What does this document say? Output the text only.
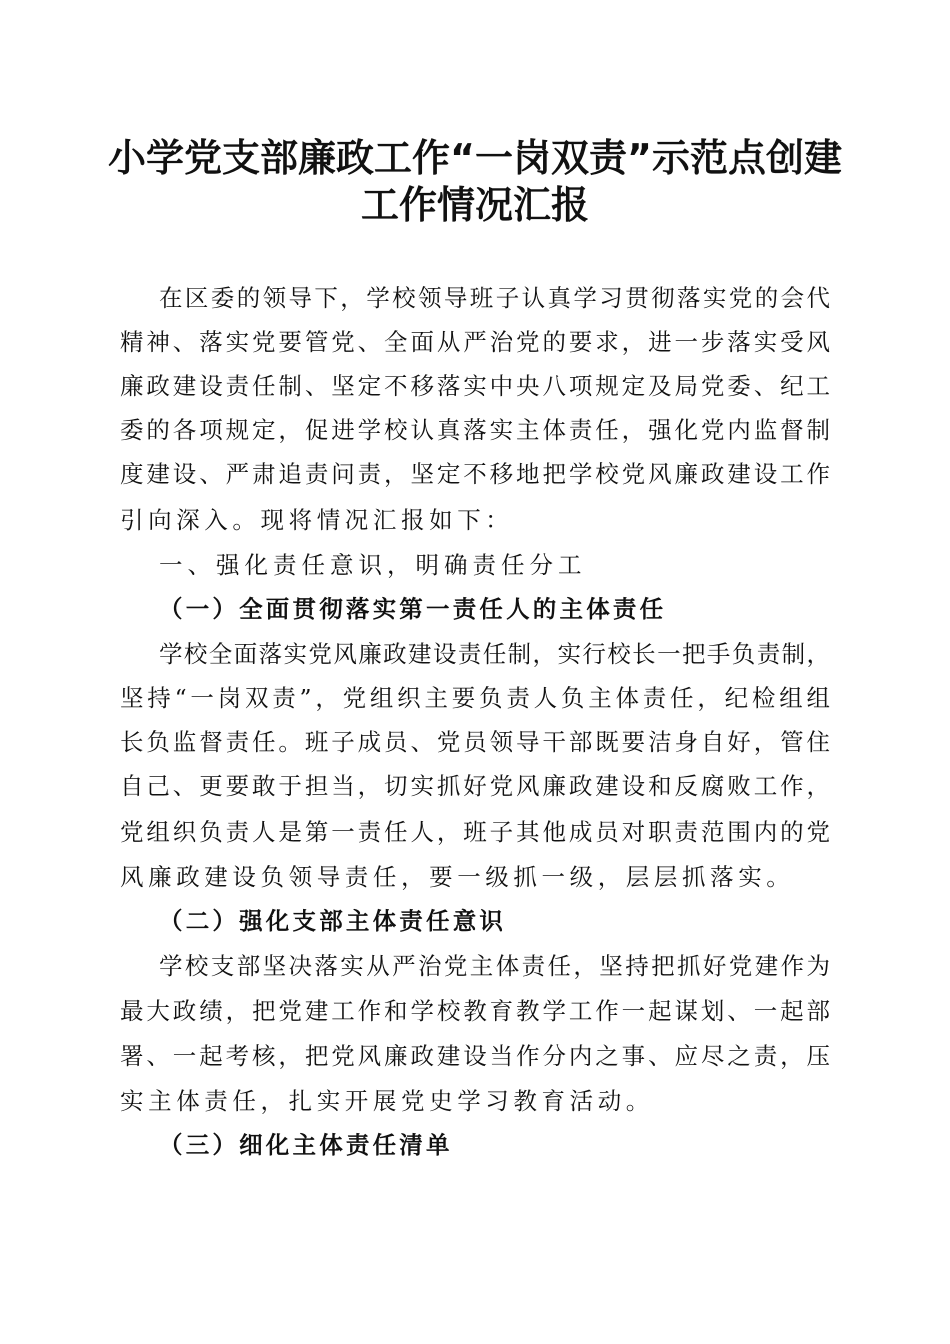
小学党支部廉政工作“一岗双责”示范点创建
工作情况汇报
在区委的领导下，学校领导班子认真学习贯彻落实党的会代
精神、落实党要管党、全面从严治党的要求，进一步落实受风
廉政建设责任制、坚定不移落实中央八项规定及局党委、纪工
委的各项规定，促进学校认真落实主体责任，强化党内监督制
度建设、严肃追责问责，坚定不移地把学校党风廉政建设工作
引向深入。现将情况汇报如下：
一、强化责任意识，明确责任分工
（一）全面贯彻落实第一责任人的主体责任
学校全面落实党风廉政建设责任制，实行校长一把手负责制，
坚持“一岗双责”，党组织主要负责人负主体责任，纪检组组
长负监督责任。班子成员、党员领导干部既要洁身自好，管住
自己、更要敢于担当，切实抓好党风廉政建设和反腐败工作，
党组织负责人是第一责任人，班子其他成员对职责范围内的党
风廉政建设负领导责任，要一级抓一级，层层抓落实。
（二）强化支部主体责任意识
学校支部坚决落实从严治党主体责任，坚持把抓好党建作为
最大政绩，把党建工作和学校教育教学工作一起谋划、一起部
署、一起考核，把党风廉政建设当作分内之事、应尽之责，压
实主体责任，扎实开展党史学习教育活动。
（三）细化主体责任清单
